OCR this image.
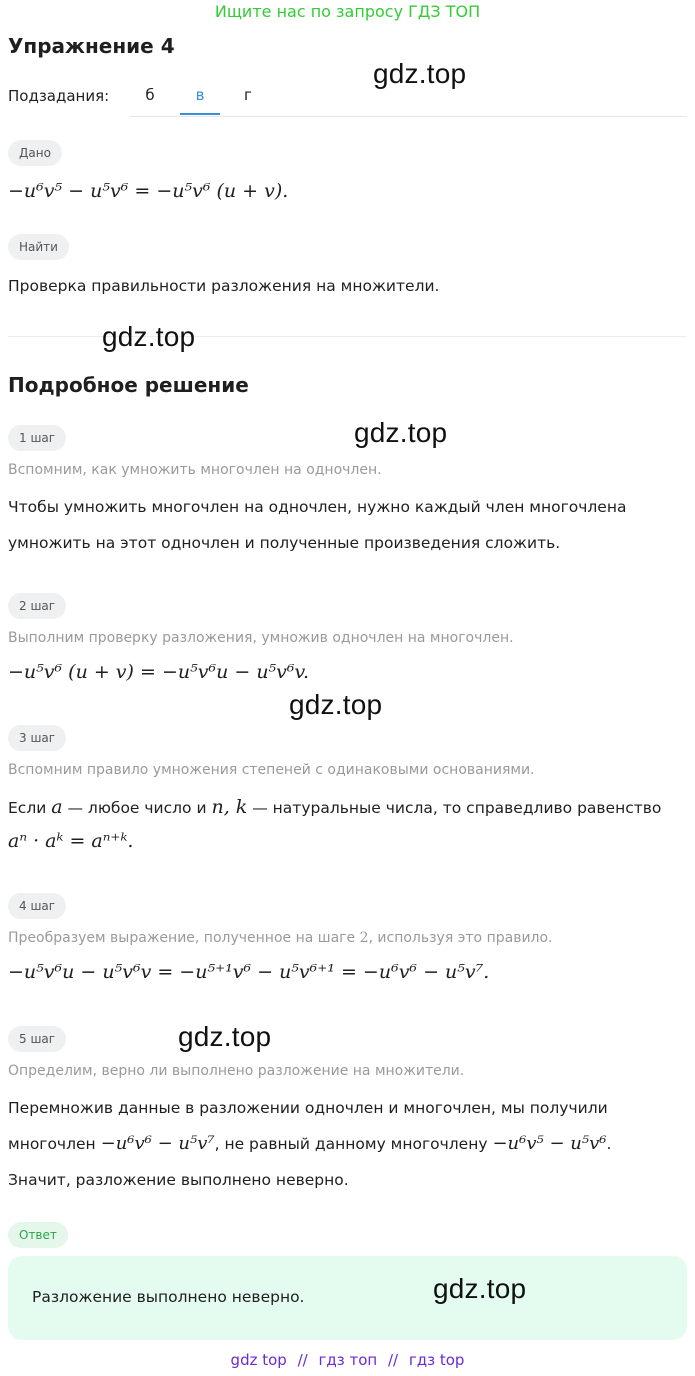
Ищите нас по запросу ГДЗ ТОП
Упражнение 4
gdz.top
Подзадания:	б	в	г
Дано
−u⁶v⁵ − u⁵v⁶ = −u⁵v⁶ (u + v).
Найти
Проверка правильности разложения на множители.
gdz.top
Подробное решение
1 шаг	gdz.top
Вспомним, как умножить многочлен на одночлен.
Чтобы умножить многочлен на одночлен, нужно каждый член многочлена
умножить на этот одночлен и полученные произведения сложить.
2 шаг
Выполним проверку разложения, умножив одночлен на многочлен.
−u⁵v⁶ (u + v) = −u⁵v⁶u − u⁵v⁶v.
gdz.top
3 шаг
Вспомним правило умножения степеней с одинаковыми основаниями.
Если a — любое число и n, k — натуральные числа, то справедливо равенство
aⁿ · aᵏ = aⁿ⁺ᵏ.
4 шаг
Преобразуем выражение, полученное на шаге 2, используя это правило.
−u⁵v⁶u − u⁵v⁶v = −u⁵⁺¹v⁶ − u⁵v⁶⁺¹ = −u⁶v⁶ − u⁵v⁷.
5 шаг	gdz.top
Определим, верно ли выполнено разложение на множители.
Перемножив данные в разложении одночлен и многочлен, мы получили
многочлен −u⁶v⁶ − u⁵v⁷, не равный данному многочлену −u⁶v⁵ − u⁵v⁶.
Значит, разложение выполнено неверно.
Ответ
Разложение выполнено неверно.	gdz.top
gdz top // гдз топ // гдз top
